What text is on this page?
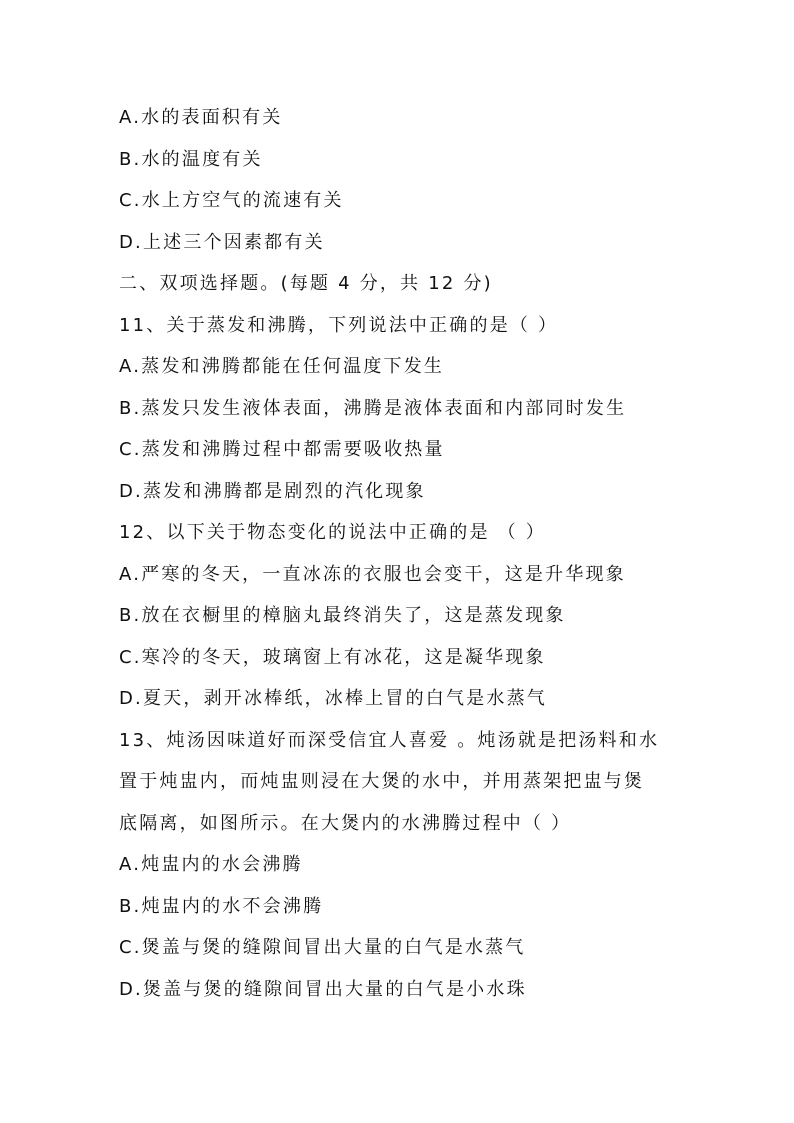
A.水的表面积有关
B.水的温度有关
C.水上方空气的流速有关
D.上述三个因素都有关
二、双项选择题。(每题 4 分，共 12 分)
11、关于蒸发和沸腾，下列说法中正确的是（ ）
A.蒸发和沸腾都能在任何温度下发生
B.蒸发只发生液体表面，沸腾是液体表面和内部同时发生
C.蒸发和沸腾过程中都需要吸收热量
D.蒸发和沸腾都是剧烈的汽化现象
12、以下关于物态变化的说法中正确的是 （ ）
A.严寒的冬天，一直冰冻的衣服也会变干，这是升华现象
B.放在衣橱里的樟脑丸最终消失了，这是蒸发现象
C.寒冷的冬天，玻璃窗上有冰花，这是凝华现象
D.夏天，剥开冰棒纸，冰棒上冒的白气是水蒸气
13、炖汤因味道好而深受信宜人喜爱 。炖汤就是把汤料和水
置于炖盅内，而炖盅则浸在大煲的水中，并用蒸架把盅与煲
底隔离，如图所示。在大煲内的水沸腾过程中（ ）
A.炖盅内的水会沸腾
B.炖盅内的水不会沸腾
C.煲盖与煲的缝隙间冒出大量的白气是水蒸气
D.煲盖与煲的缝隙间冒出大量的白气是小水珠
